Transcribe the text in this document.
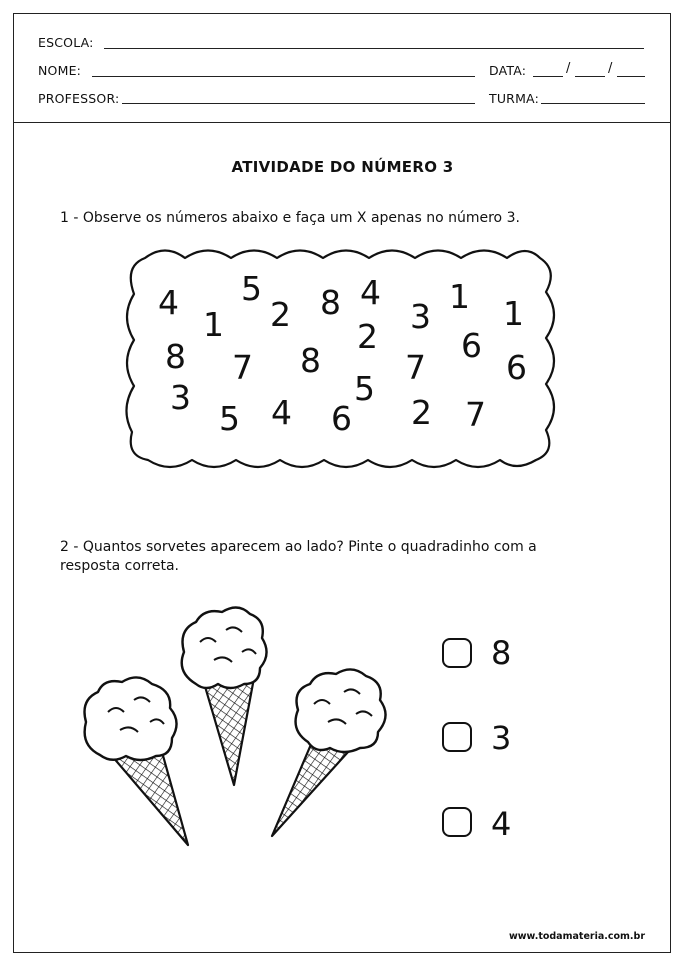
ESCOLA:
NOME:	DATA:	/	/
PROFESSOR:	TURMA:
ATIVIDADE DO NÚMERO 3
1 - Observe os números abaixo e faça um X apenas no número 3.
4 5
2 8 4
3
1
1	1
2
8 7 8	7
6
6
3	5
5 4 6 2 7
2 - Quantos sorvetes aparecem ao lado? Pinte o quadradinho com a
resposta correta.
8
3
4
www.todamateria.com.br
